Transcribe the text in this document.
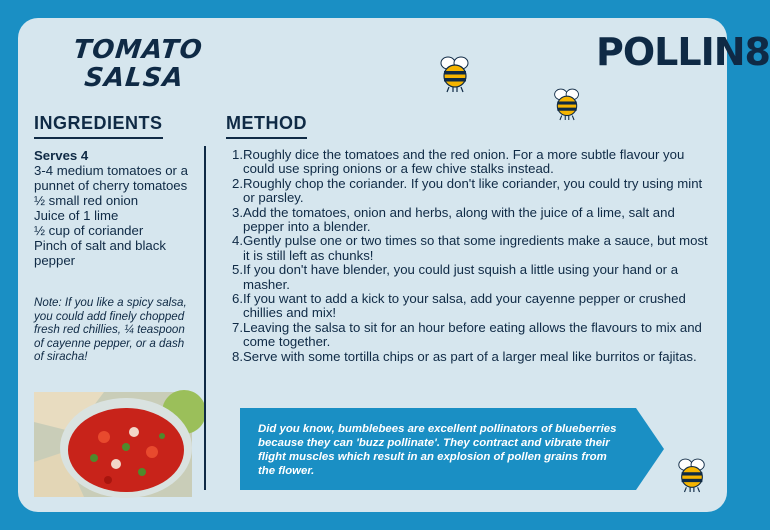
TOMATO
SALSA
POLLIN8
INGREDIENTS	METHOD
Serves 4
3-4 medium tomatoes or a punnet of cherry tomatoes
½ small red onion
Juice of 1 lime
½ cup of coriander
Pinch of salt and black pepper
Note: If you like a spicy salsa, you could add finely chopped fresh red chillies, ¼ teaspoon of cayenne pepper, or a dash of siracha!
1. Roughly dice the tomatoes and the red onion. For a more subtle flavour you could use spring onions or a few chive stalks instead.
2. Roughly chop the coriander. If you don't like coriander, you could try using mint or parsley.
3. Add the tomatoes, onion and herbs, along with the juice of a lime, salt and pepper into a blender.
4. Gently pulse one or two times so that some ingredients make a sauce, but most it is still left as chunks!
5. If you don't have blender, you could just squish a little using your hand or a masher.
6. If you want to add a kick to your salsa, add your cayenne pepper or crushed chillies and mix!
7. Leaving the salsa to sit for an hour before eating allows the flavours to mix and come together.
8. Serve with some tortilla chips or as part of a larger meal like burritos or fajitas.
Did you know, bumblebees are excellent pollinators of blueberries because they can 'buzz pollinate'. They contract and vibrate their flight muscles which result in an explosion of pollen grains from the flower.
